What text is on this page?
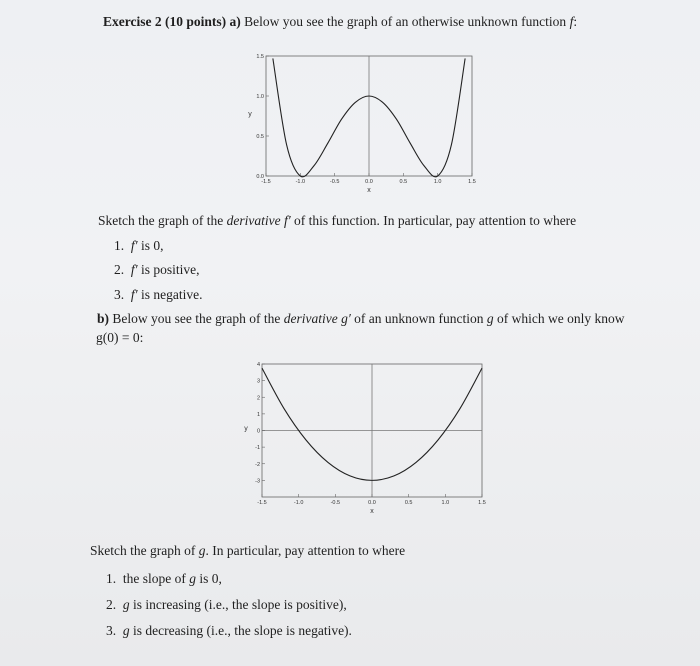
Exercise 2 (10 points) a) Below you see the graph of an otherwise unknown function f:
-1.5	-1.0	-0.5	0.0	0.5	1.0	1.5
0.0
0.5
1.0
1.5
x
y
Sketch the graph of the derivative f′ of this function. In particular, pay attention to where
1. f′ is 0,
2. f′ is positive,
3. f′ is negative.
b) Below you see the graph of the derivative g′ of an unknown function g of which we only know
g(0) = 0:
-1.5	-1.0	-0.5	0.0	0.5	1.0	1.5
-3
-2
-1
0
1
2
3
4
x
y
Sketch the graph of g. In particular, pay attention to where
1. the slope of g is 0,
2. g is increasing (i.e., the slope is positive),
3. g is decreasing (i.e., the slope is negative).
